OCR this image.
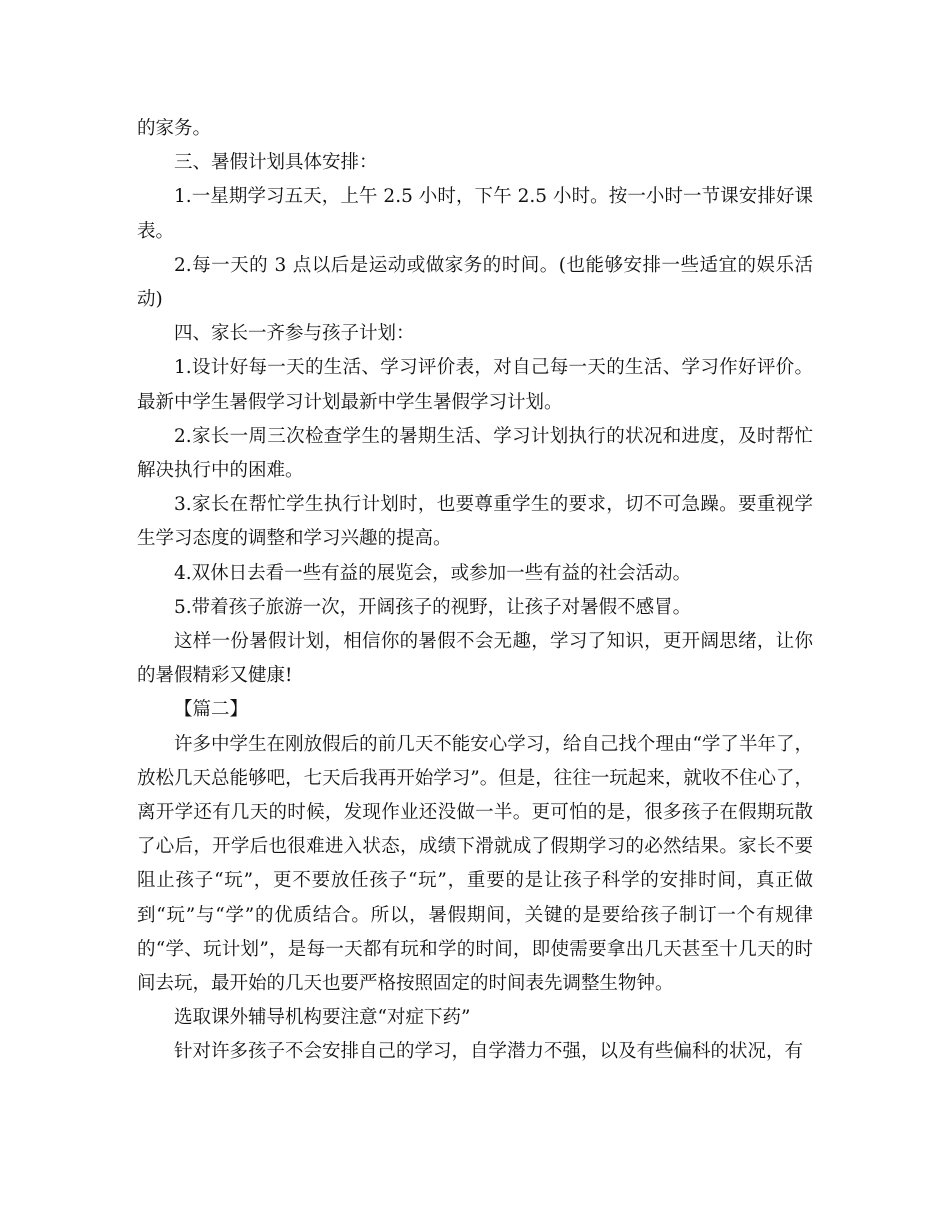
的家务。

三、暑假计划具体安排：

1.一星期学习五天，上午 2.5 小时，下午 2.5 小时。按一小时一节课安排好课表。

2.每一天的 3 点以后是运动或做家务的时间。(也能够安排一些适宜的娱乐活动)

四、家长一齐参与孩子计划：

1.设计好每一天的生活、学习评价表，对自己每一天的生活、学习作好评价。最新中学生暑假学习计划最新中学生暑假学习计划。

2.家长一周三次检查学生的暑期生活、学习计划执行的状况和进度，及时帮忙解决执行中的困难。

3.家长在帮忙学生执行计划时，也要尊重学生的要求，切不可急躁。要重视学生学习态度的调整和学习兴趣的提高。

4.双休日去看一些有益的展览会，或参加一些有益的社会活动。

5.带着孩子旅游一次，开阔孩子的视野，让孩子对暑假不感冒。

这样一份暑假计划，相信你的暑假不会无趣，学习了知识，更开阔思绪，让你的暑假精彩又健康!

【篇二】

许多中学生在刚放假后的前几天不能安心学习，给自己找个理由“学了半年了，放松几天总能够吧，七天后我再开始学习”。但是，往往一玩起来，就收不住心了，离开学还有几天的时候，发现作业还没做一半。更可怕的是，很多孩子在假期玩散了心后，开学后也很难进入状态，成绩下滑就成了假期学习的必然结果。家长不要阻止孩子“玩”，更不要放任孩子“玩”，重要的是让孩子科学的安排时间，真正做到“玩”与“学”的优质结合。所以，暑假期间，关键的是要给孩子制订一个有规律的“学、玩计划”，是每一天都有玩和学的时间，即使需要拿出几天甚至十几天的时间去玩，最开始的几天也要严格按照固定的时间表先调整生物钟。

选取课外辅导机构要注意“对症下药”

针对许多孩子不会安排自己的学习，自学潜力不强，以及有些偏科的状况，有
